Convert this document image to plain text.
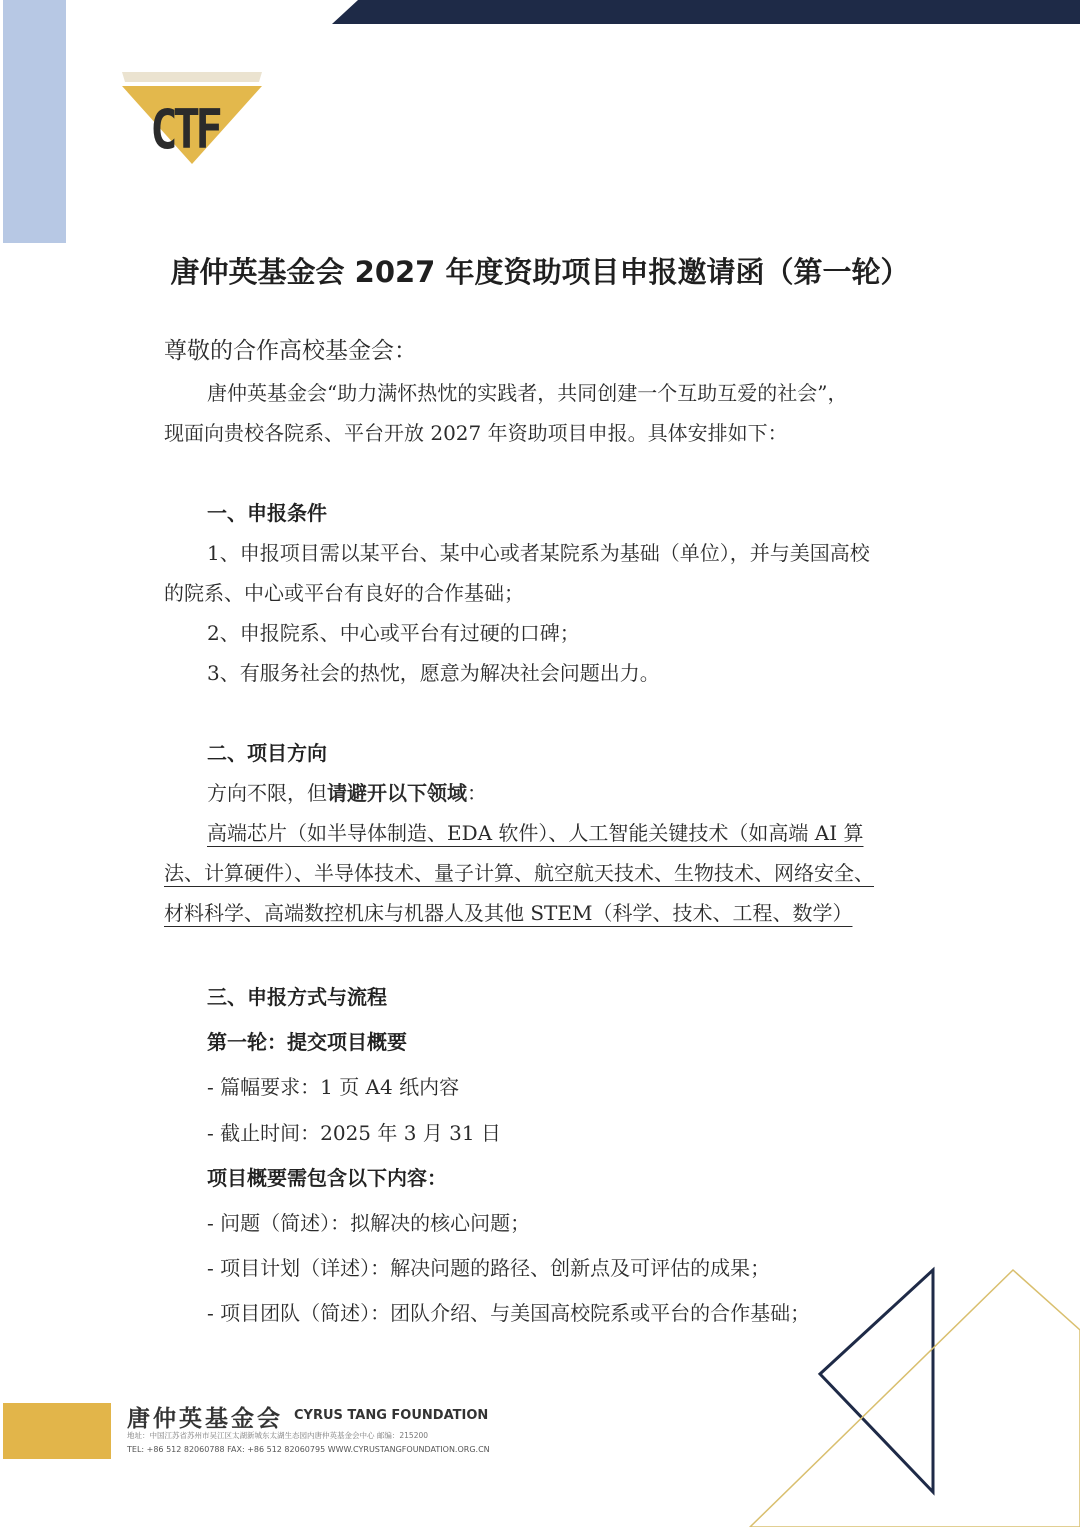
CTF
唐仲英基金会 2027 年度资助项目申报邀请函（第一轮）
尊敬的合作高校基金会：
唐仲英基金会“助力满怀热忱的实践者，共同创建一个互助互爱的社会”，
现面向贵校各院系、平台开放 2027 年资助项目申报。具体安排如下：
一、申报条件
1、申报项目需以某平台、某中心或者某院系为基础（单位），并与美国高校
的院系、中心或平台有良好的合作基础；
2、申报院系、中心或平台有过硬的口碑；
3、有服务社会的热忱，愿意为解决社会问题出力。
二、项目方向
方向不限，但请避开以下领域：
高端芯片（如半导体制造、EDA 软件）、人工智能关键技术（如高端 AI 算
法、计算硬件）、半导体技术、量子计算、航空航天技术、生物技术、网络安全、
材料科学、高端数控机床与机器人及其他 STEM（科学、技术、工程、数学）
三、申报方式与流程
第一轮：提交项目概要
- 篇幅要求：1 页 A4 纸内容
- 截止时间：2025 年 3 月 31 日
项目概要需包含以下内容：
- 问题（简述）：拟解决的核心问题；
- 项目计划（详述）：解决问题的路径、创新点及可评估的成果；
- 项目团队（简述）：团队介绍、与美国高校院系或平台的合作基础；
唐仲英基金会 CYRUS TANG FOUNDATION
地址：中国江苏省苏州市吴江区太湖新城东太湖生态园内唐仲英基金会中心 邮编：215200
TEL: +86 512 82060788 FAX: +86 512 82060795 WWW.CYRUSTANGFOUNDATION.ORG.CN
